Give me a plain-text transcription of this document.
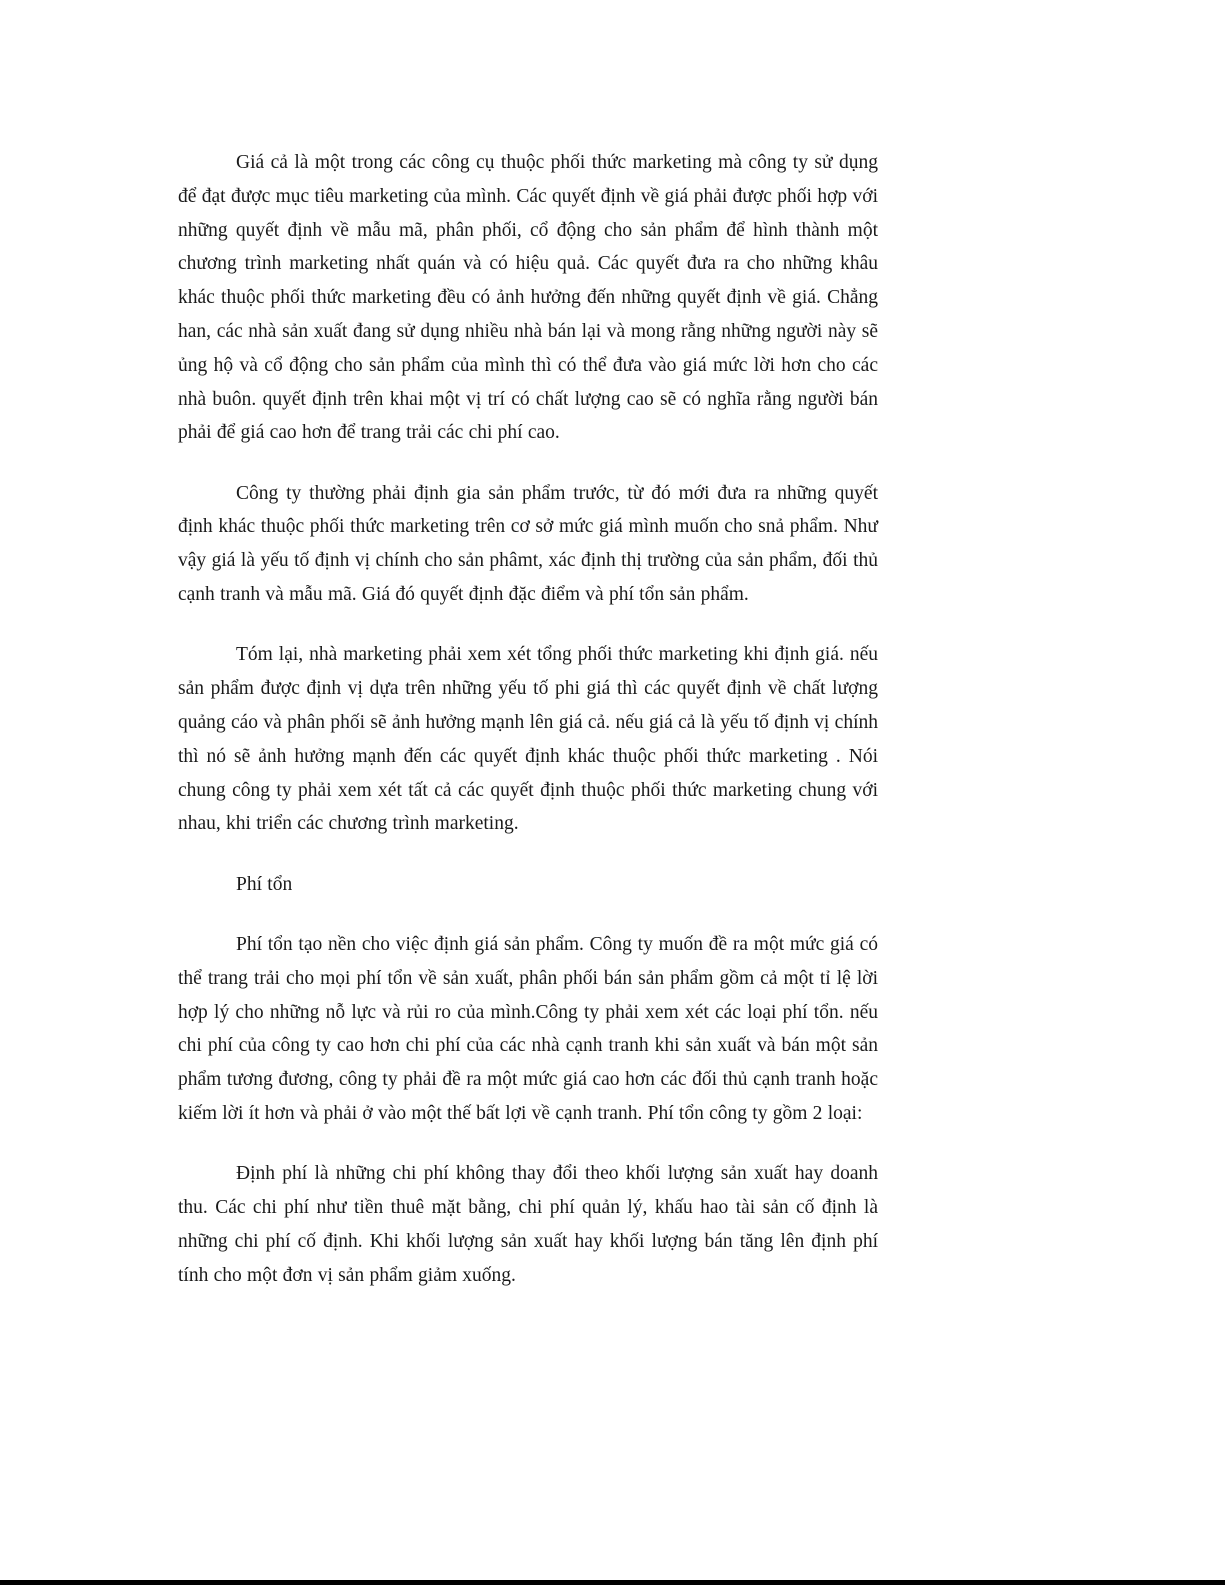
Giá cả là một trong các công cụ thuộc phối thức marketing mà công ty sử dụng để đạt được mục tiêu marketing của mình. Các quyết định về giá phải được phối hợp với những quyết định về mẫu mã, phân phối, cổ động cho sản phẩm để hình thành một chương trình marketing nhất quán và có hiệu quả. Các quyết đưa ra cho những khâu khác thuộc phối thức marketing đều có ảnh hưởng đến những quyết định về giá. Chẳng han, các nhà sản xuất đang sử dụng nhiều nhà bán lại và mong rằng những người này sẽ ủng hộ và cổ động cho sản phẩm của mình thì có thể đưa vào giá mức lời hơn cho các nhà buôn. quyết định trên khai một vị trí có chất lượng cao sẽ có nghĩa rằng người bán phải để giá cao hơn để trang trải các chi phí cao.

Công ty thường phải định gia sản phẩm trước, từ đó mới đưa ra những quyết định khác thuộc phối thức marketing trên cơ sở mức giá mình muốn cho snả phẩm. Như vậy giá là yếu tố định vị chính cho sản phâmt, xác định thị trường của sản phẩm, đối thủ cạnh tranh và mẫu mã. Giá đó quyết định đặc điểm và phí tổn sản phẩm.

Tóm lại, nhà marketing phải xem xét tổng phối thức marketing khi định giá. nếu sản phẩm được định vị dựa trên những yếu tố phi giá thì các quyết định về chất lượng quảng cáo và phân phối sẽ ảnh hưởng mạnh lên giá cả. nếu giá cả là yếu tố định vị chính thì nó sẽ ảnh hưởng mạnh đến các quyết định khác thuộc phối thức marketing . Nói chung công ty phải xem xét tất cả các quyết định thuộc phối thức marketing chung với nhau, khi triển các chương trình marketing.

Phí tổn

Phí tổn tạo nền cho việc định giá sản phẩm. Công ty muốn đề ra một mức giá có thể trang trải cho mọi phí tổn về sản xuất, phân phối bán sản phẩm gồm cả một tỉ lệ lời hợp lý cho những nỗ lực và rủi ro của mình.Công ty phải xem xét các loại phí tổn. nếu chi phí của công ty cao hơn chi phí của các nhà cạnh tranh khi sản xuất và bán một sản phẩm tương đương, công ty phải đề ra một mức giá cao hơn các đối thủ cạnh tranh hoặc kiếm lời ít hơn và phải ở vào một thế bất lợi về cạnh tranh. Phí tổn công ty gồm 2 loại:

Định phí là những chi phí không thay đổi theo khối lượng sản xuất hay doanh thu. Các chi phí như tiền thuê mặt bằng, chi phí quản lý, khấu hao tài sản cố định là những chi phí cố định. Khi khối lượng sản xuất hay khối lượng bán tăng lên định phí tính cho một đơn vị sản phẩm giảm xuống.
